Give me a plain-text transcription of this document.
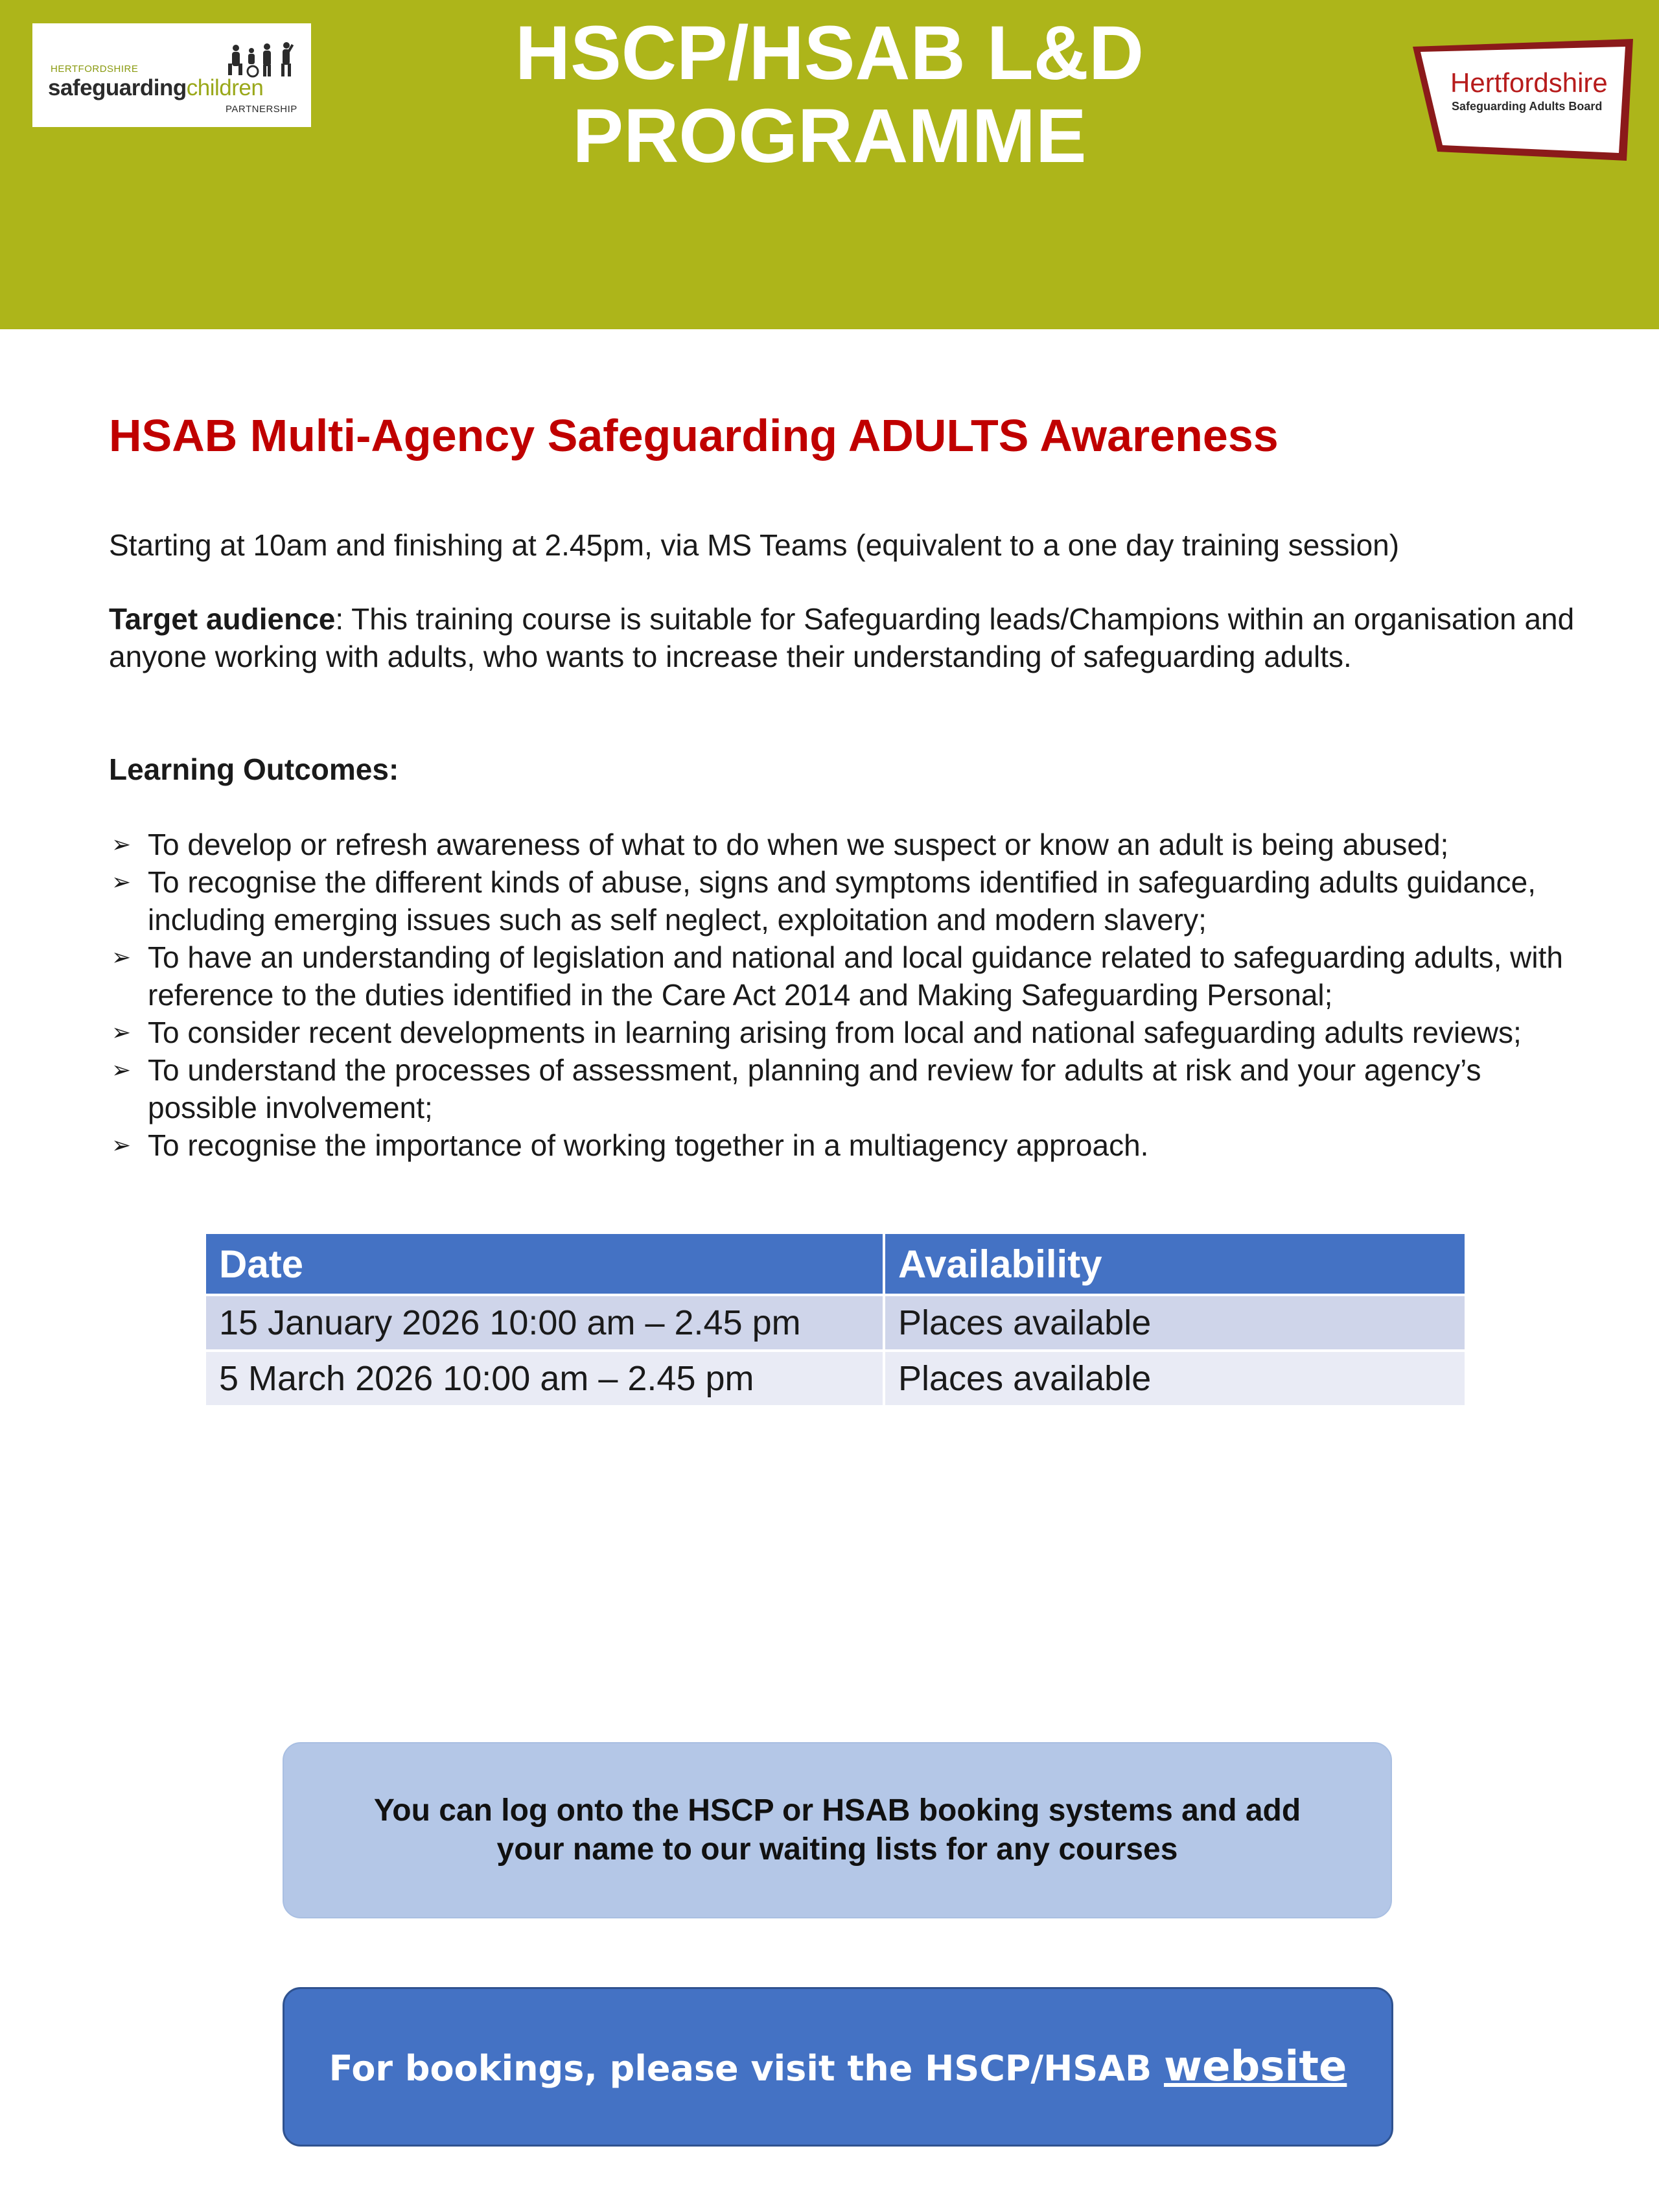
HERTFORDSHIRE
safeguardingchildren
PARTNERSHIP
HSCP/HSAB L&D
PROGRAMME
Hertfordshire
Safeguarding Adults Board
HSAB Multi-Agency Safeguarding ADULTS Awareness
Starting at 10am and finishing at 2.45pm, via MS Teams (equivalent to a one day training session)
Target audience: This training course is suitable for Safeguarding leads/Champions within an organisation and anyone working with adults, who wants to increase their understanding of safeguarding adults.
Learning Outcomes:
➢ To develop or refresh awareness of what to do when we suspect or know an adult is being abused;
➢ To recognise the different kinds of abuse, signs and symptoms identified in safeguarding adults guidance, including emerging issues such as self neglect, exploitation and modern slavery;
➢ To have an understanding of legislation and national and local guidance related to safeguarding adults, with reference to the duties identified in the Care Act 2014 and Making Safeguarding Personal;
➢ To consider recent developments in learning arising from local and national safeguarding adults reviews;
➢ To understand the processes of assessment, planning and review for adults at risk and your agency’s possible involvement;
➢ To recognise the importance of working together in a multiagency approach.
Date	Availability
15 January 2026 10:00 am – 2.45 pm	Places available
5 March 2026 10:00 am – 2.45 pm	Places available
You can log onto the HSCP or HSAB booking systems and add your name to our waiting lists for any courses
For bookings, please visit the HSCP/HSAB website
